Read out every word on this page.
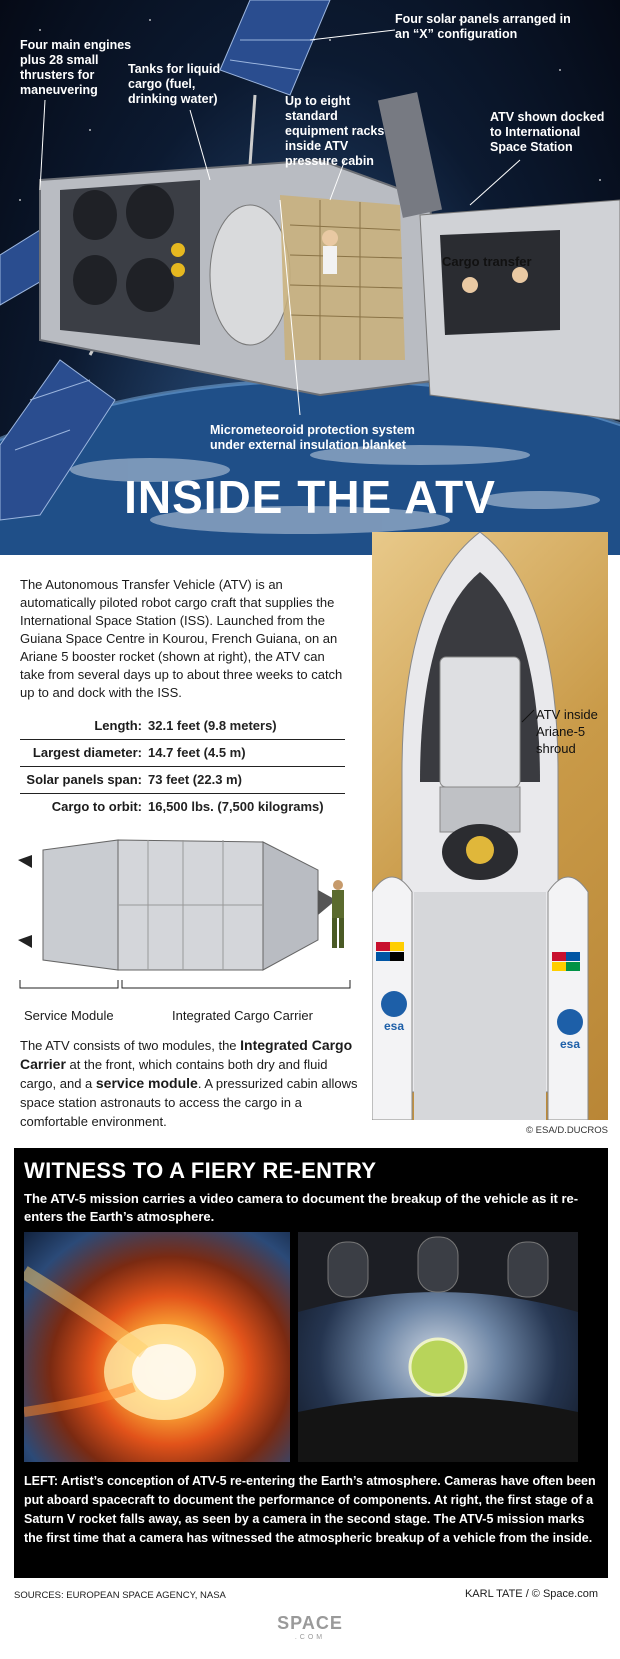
Four main engines plus 28 small thrusters for maneuvering
Tanks for liquid cargo (fuel, drinking water)
Four solar panels arranged in an “X” configuration
Up to eight standard equipment racks inside ATV pressure cabin
ATV shown docked to International Space Station
Cargo transfer
Micrometeoroid protection system under external insulation blanket
INSIDE THE ATV
The Autonomous Transfer Vehicle (ATV) is an automatically piloted robot cargo craft that supplies the International Space Station (ISS). Launched from the Guiana Space Centre in Kourou, French Guiana, on an Ariane 5 booster rocket (shown at right), the ATV can take from several days up to about three weeks to catch up to and dock with the ISS.
Length: 32.1 feet (9.8 meters)
Largest diameter: 14.7 feet (4.5 m)
Solar panels span: 73 feet (22.3 m)
Cargo to orbit: 16,500 lbs. (7,500 kilograms)
Service Module	Integrated Cargo Carrier
The ATV consists of two modules, the Integrated Cargo Carrier at the front, which contains both dry and fluid cargo, and a service module. A pressurized cabin allows space station astronauts to access the cargo in a comfortable environment.
esa
esa
ATV inside Ariane-5 shroud
© ESA/D.DUCROS
WITNESS TO A FIERY RE-ENTRY
The ATV-5 mission carries a video camera to document the breakup of the vehicle as it re-enters the Earth’s atmosphere.
LEFT: Artist’s conception of ATV-5 re-entering the Earth’s atmosphere. Cameras have often been put aboard spacecraft to document the performance of components. At right, the first stage of a Saturn V rocket falls away, as seen by a camera in the second stage. The ATV-5 mission marks the first time that a camera has witnessed the atmospheric breakup of a vehicle from the inside.
SOURCES: EUROPEAN SPACE AGENCY, NASA	KARL TATE / © Space.com
SPACE
.COM
